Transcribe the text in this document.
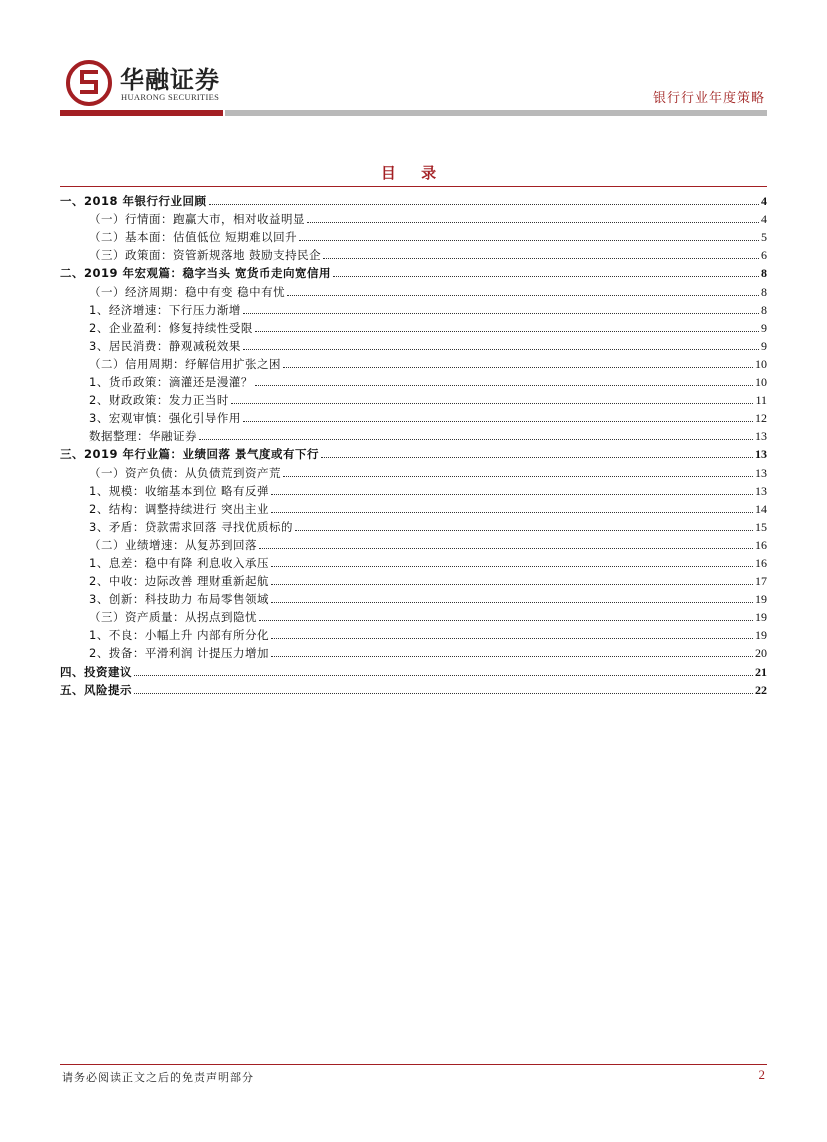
华融证券
HUARONG SECURITIES	银行行业年度策略
目 录
一、2018 年银行行业回顾	4
（一）行情面：跑赢大市，相对收益明显	4
（二）基本面：估值低位 短期难以回升	5
（三）政策面：资管新规落地 鼓励支持民企	6
二、2019 年宏观篇：稳字当头 宽货币走向宽信用	8
（一）经济周期：稳中有变 稳中有忧	8
1、经济增速：下行压力渐增	8
2、企业盈利：修复持续性受限	9
3、居民消费：静观减税效果	9
（二）信用周期：纾解信用扩张之困	10
1、货币政策：滴灌还是漫灌？	10
2、财政政策：发力正当时	11
3、宏观审慎：强化引导作用	12
数据整理：华融证券	13
三、2019 年行业篇：业绩回落 景气度或有下行	13
（一）资产负债：从负债荒到资产荒	13
1、规模：收缩基本到位 略有反弹	13
2、结构：调整持续进行 突出主业	14
3、矛盾：贷款需求回落 寻找优质标的	15
（二）业绩增速：从复苏到回落	16
1、息差：稳中有降 利息收入承压	16
2、中收：边际改善 理财重新起航	17
3、创新：科技助力 布局零售领域	19
（三）资产质量：从拐点到隐忧	19
1、不良：小幅上升 内部有所分化	19
2、拨备：平滑利润 计提压力增加	20
四、投资建议	21
五、风险提示	22
请务必阅读正文之后的免责声明部分	2
